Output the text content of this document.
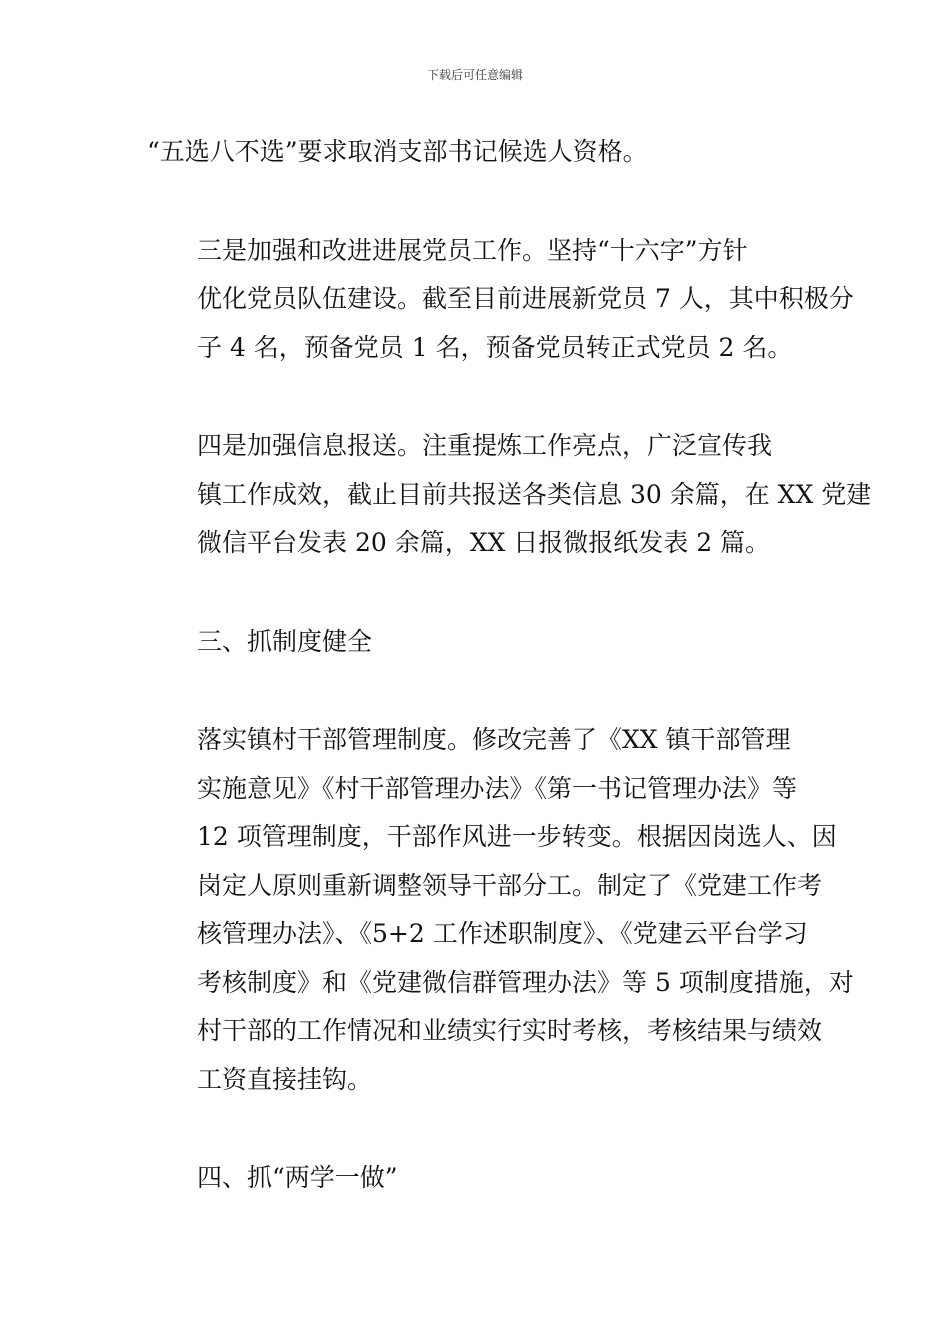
下载后可任意编辑

“五选八不选”要求取消支部书记候选人资格。

三是加强和改进进展党员工作。坚持“十六字”方针
优化党员队伍建设。截至目前进展新党员 7 人，其中积极分
子 4 名，预备党员 1 名，预备党员转正式党员 2 名。

四是加强信息报送。注重提炼工作亮点，广泛宣传我
镇工作成效，截止目前共报送各类信息 30 余篇，在 XX 党建
微信平台发表 20 余篇，XX 日报微报纸发表 2 篇。

三、抓制度健全

落实镇村干部管理制度。修改完善了《XX 镇干部管理
实施意见》《村干部管理办法》《第一书记管理办法》等
12 项管理制度，干部作风进一步转变。根据因岗选人、因
岗定人原则重新调整领导干部分工。制定了《党建工作考
核管理办法》、《5+2 工作述职制度》、《党建云平台学习
考核制度》和《党建微信群管理办法》等 5 项制度措施，对
村干部的工作情况和业绩实行实时考核，考核结果与绩效
工资直接挂钩。

四、抓“两学一做”
